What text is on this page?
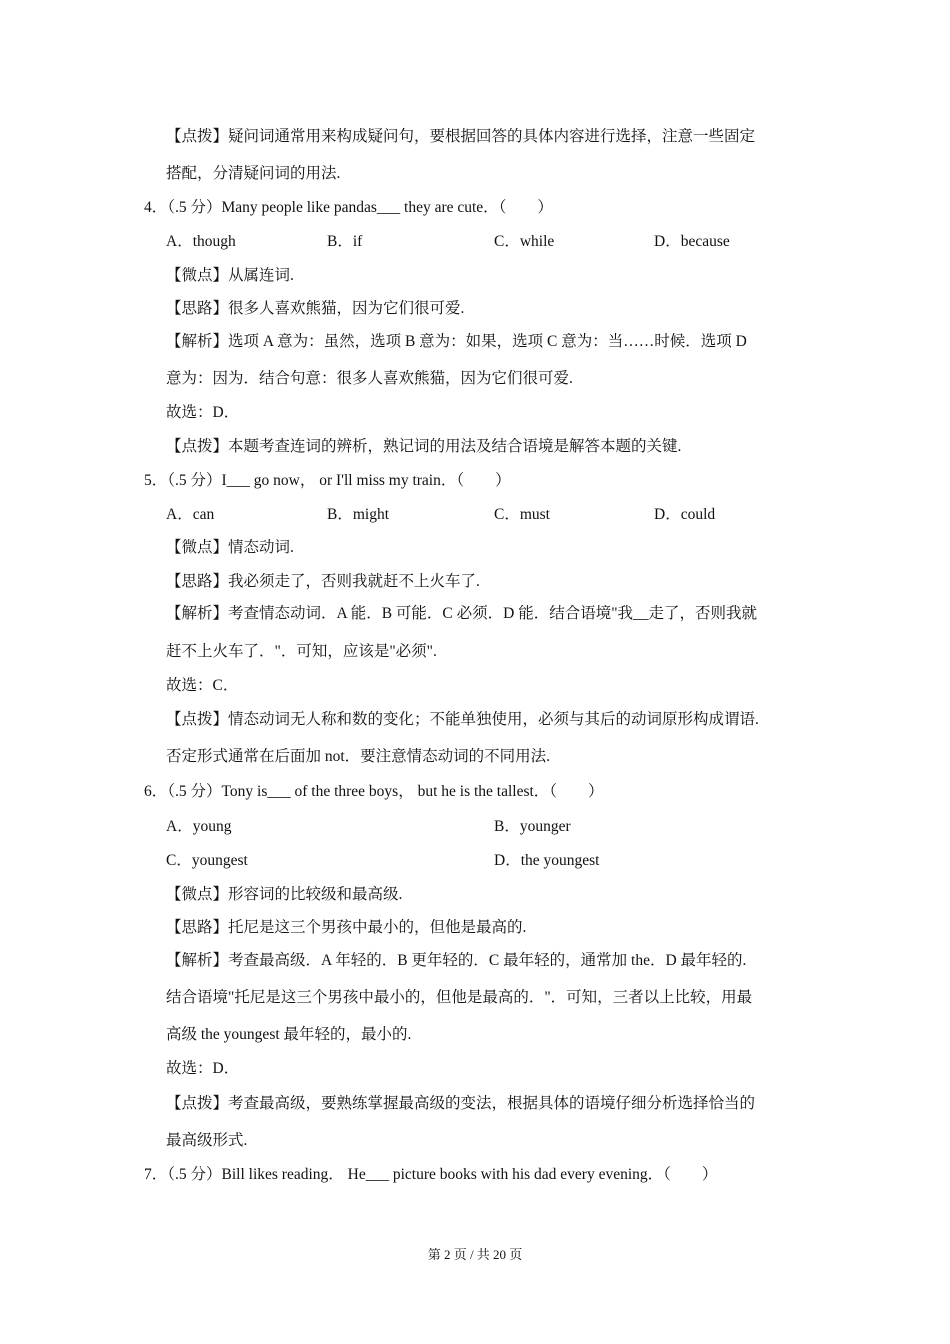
【点拨】疑问词通常用来构成疑问句，要根据回答的具体内容进行选择，注意一些固定
搭配，分清疑问词的用法.
4．（.5 分）Many people like pandas___ they are cute．（　　）
A．though	B．if	C．while	D．because
【微点】从属连词.
【思路】很多人喜欢熊猫，因为它们很可爱.
【解析】选项 A 意为：虽然，选项 B 意为：如果，选项 C 意为：当……时候．选项 D
意为：因为．结合句意：很多人喜欢熊猫，因为它们很可爱.
故选：D．
【点拨】本题考查连词的辨析，熟记词的用法及结合语境是解答本题的关键.
5．（.5 分）I___ go now， or I'll miss my train．（　　）
A．can	B．might	C．must	D．could
【微点】情态动词.
【思路】我必须走了，否则我就赶不上火车了.
【解析】考查情态动词．A 能．B 可能．C 必须．D 能．结合语境"我__走了，否则我就
赶不上火车了．"．可知，应该是"必须".
故选：C．
【点拨】情态动词无人称和数的变化；不能单独使用，必须与其后的动词原形构成谓语.
否定形式通常在后面加 not．要注意情态动词的不同用法.
6．（.5 分）Tony is___ of the three boys， but he is the tallest．（　　）
A．young	B．younger
C．youngest	D．the youngest
【微点】形容词的比较级和最高级.
【思路】托尼是这三个男孩中最小的，但他是最高的.
【解析】考查最高级．A 年轻的．B 更年轻的．C 最年轻的，通常加 the．D 最年轻的.
结合语境"托尼是这三个男孩中最小的，但他是最高的．"．可知，三者以上比较，用最
高级 the youngest 最年轻的，最小的.
故选：D．
【点拨】考查最高级，要熟练掌握最高级的变法，根据具体的语境仔细分析选择恰当的
最高级形式.
7．（.5 分）Bill likes reading． He___ picture books with his dad every evening．（　　）
第 2 页 / 共 20 页
